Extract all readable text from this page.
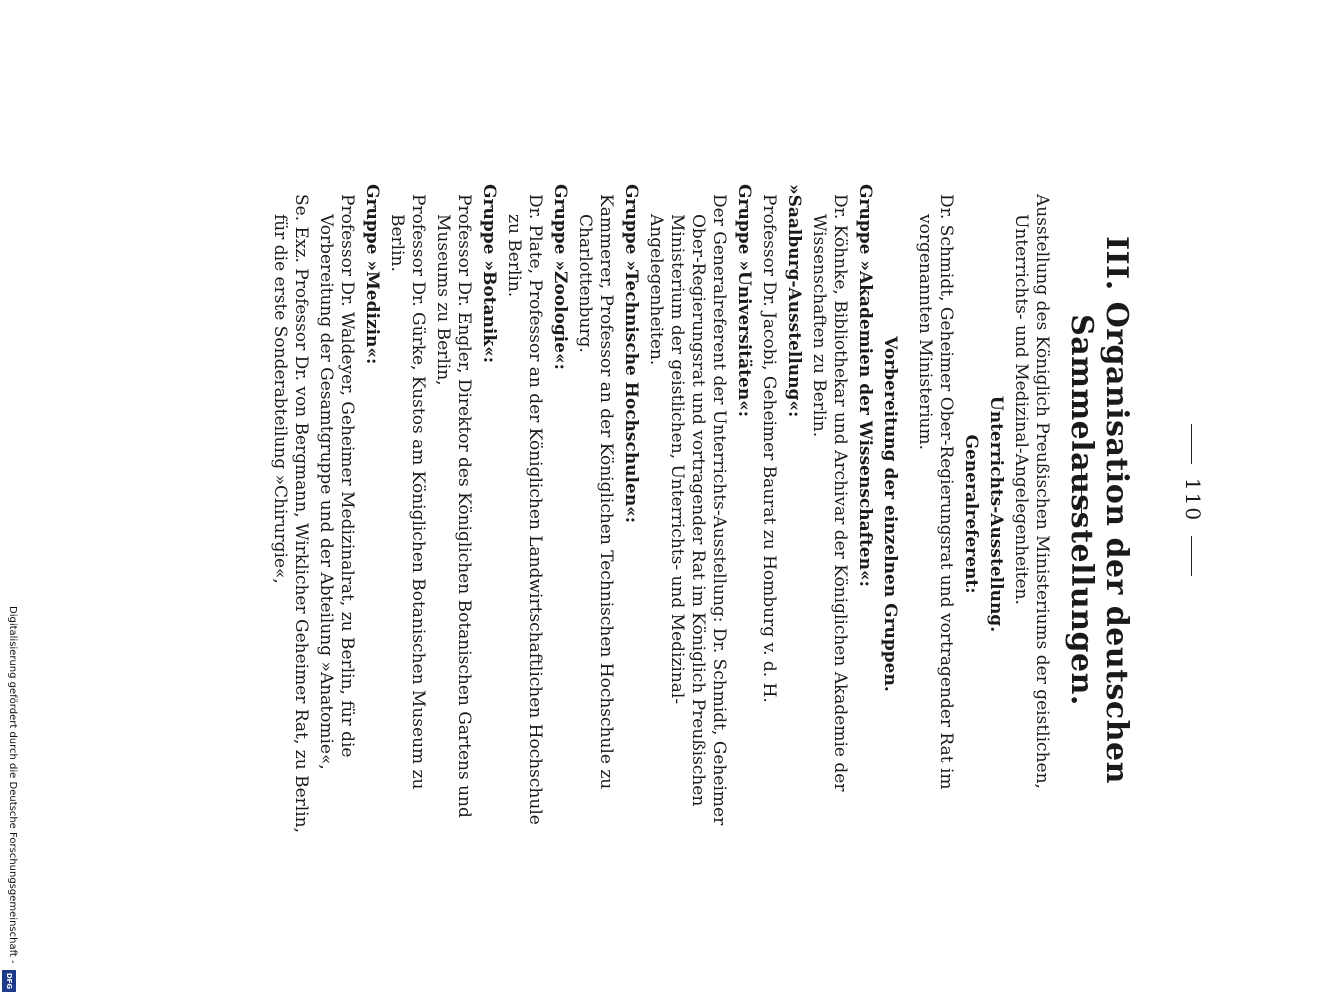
110
III. Organisation der deutschen Sammelausstellungen.

Ausstellung des Königlich Preußischen Ministeriums der geistlichen, Unterrichts- und Medizinal-Angelegenheiten.

Unterrichts-Ausstellung.

Generalreferent:

Dr. Schmidt, Geheimer Ober-Regierungsrat und vortragender Rat im vorgenannten Ministerium.

Vorbereitung der einzelnen Gruppen.

Gruppe »Akademien der Wissenschaften«:

Dr. Köhnke, Bibliothekar und Archivar der Königlichen Akademie der Wissenschaften zu Berlin.

»Saalburg-Ausstellung«:

Professor Dr. Jacobi, Geheimer Baurat zu Homburg v. d. H.

Gruppe »Universitäten«:

Der Generalreferent der Unterrichts-Ausstellung: Dr. Schmidt, Geheimer Ober-Regierungsrat und vortragender Rat im Königlich Preußischen Ministerium der geistlichen, Unterrichts- und Medizinal-Angelegenheiten.

Gruppe »Technische Hochschulen«:

Kammerer, Professor an der Königlichen Technischen Hochschule zu Charlottenburg.

Gruppe »Zoologie«:

Dr. Plate, Professor an der Königlichen Landwirtschaftlichen Hochschule zu Berlin.

Gruppe »Botanik«:

Professor Dr. Engler, Direktor des Königlichen Botanischen Gartens und Museums zu Berlin,

Professor Dr. Gürke, Kustos am Königlichen Botanischen Museum zu Berlin.

Gruppe »Medizin«:

Professor Dr. Waldeyer, Geheimer Medizinalrat, zu Berlin, für die Vorbereitung der Gesamtgruppe und der Abteilung »Anatomie«,

Se. Exz. Professor Dr. von Bergmann, Wirklicher Geheimer Rat, zu Berlin, für die erste Sonderabteilung »Chirurgie«,

Digitalisierung gefördert durch die Deutsche Forschungsgemeinschaft -
DFG
